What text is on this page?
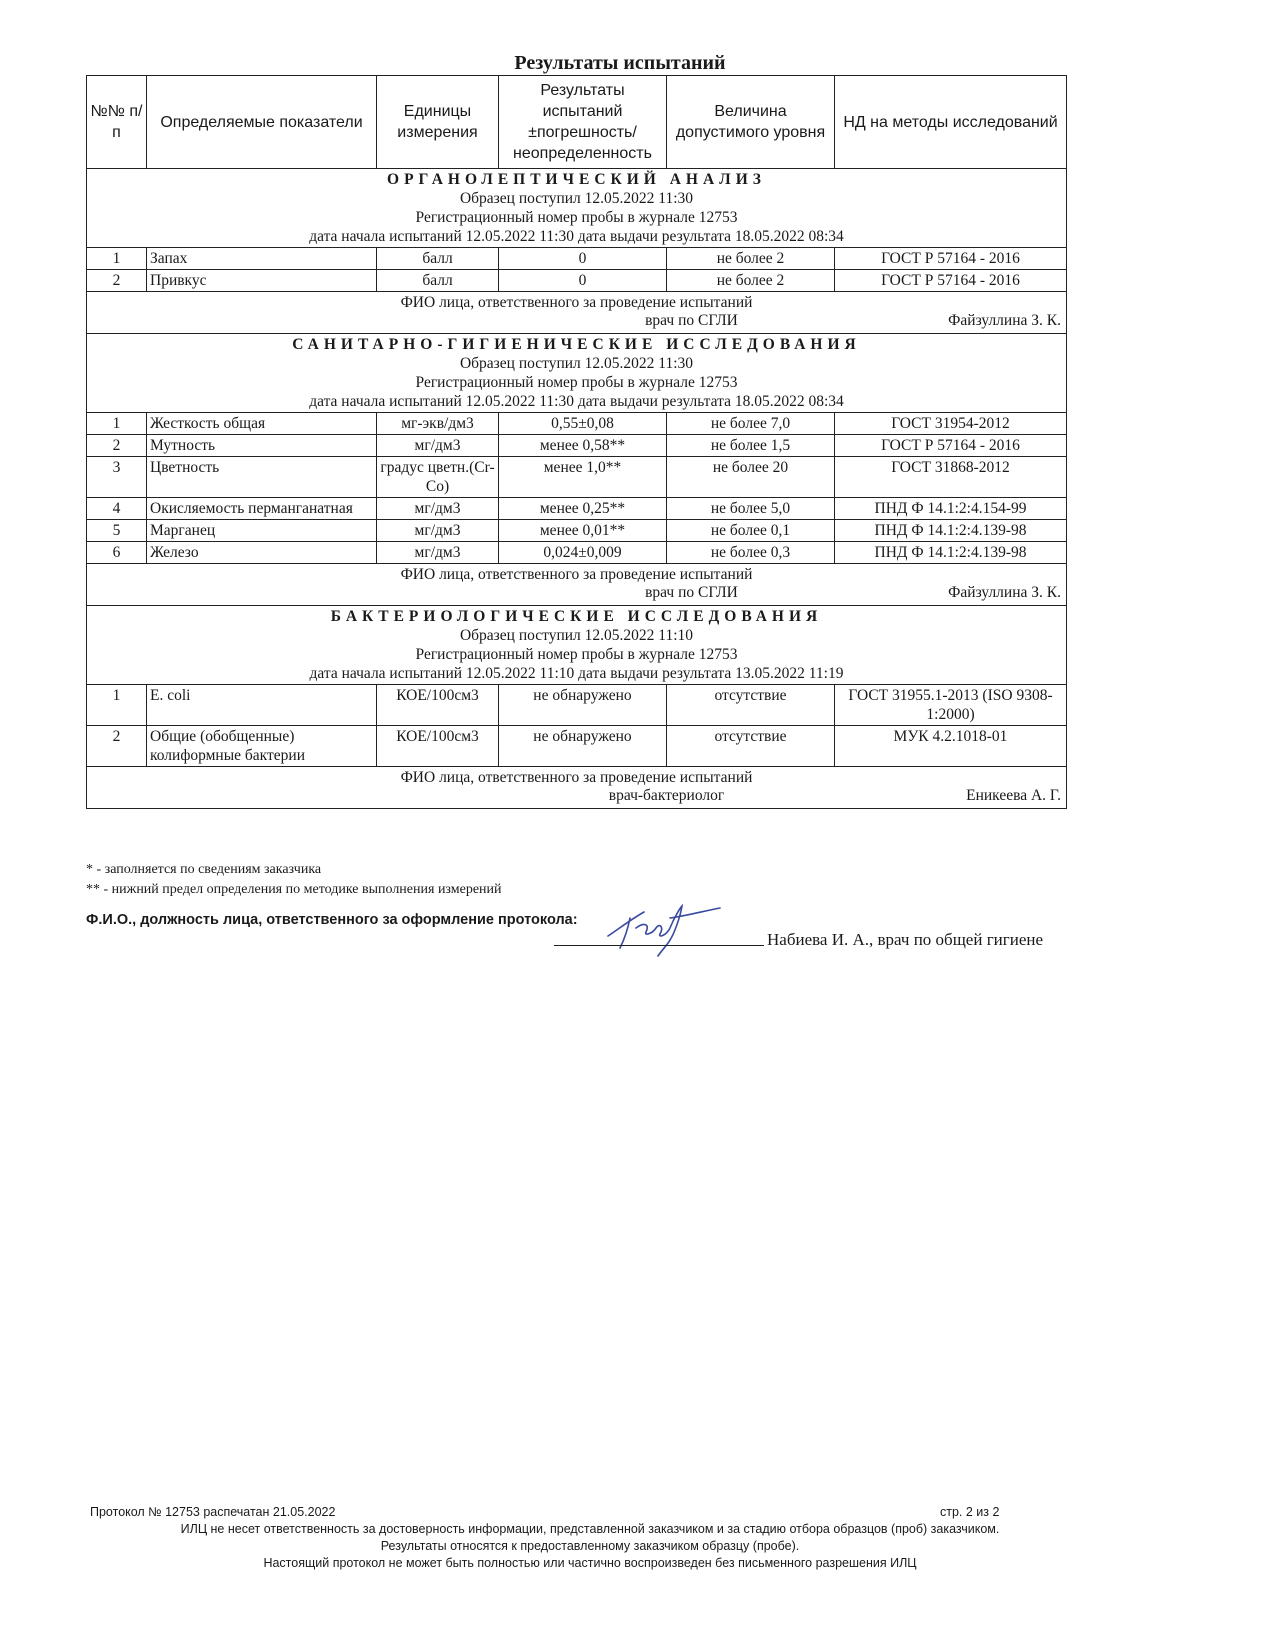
Результаты испытаний
№№ п/п	Определяемые показатели	Единицы измерения	Результаты испытаний ±погрешность/ неопределенность	Величина допустимого уровня	НД на методы исследований

ОРГАНОЛЕПТИЧЕСКИЙ АНАЛИЗ
Образец поступил 12.05.2022 11:30
Регистрационный номер пробы в журнале 12753
дата начала испытаний 12.05.2022 11:30 дата выдачи результата 18.05.2022 08:34					

1	Запах	балл	0	не более 2	ГОСТ Р 57164 - 2016
2	Привкус	балл	0	не более 2	ГОСТ Р 57164 - 2016

ФИО лица, ответственного за проведение испытаний
врач по СГЛИ Файзуллина З. К.					

САНИТАРНО-ГИГИЕНИЧЕСКИЕ ИССЛЕДОВАНИЯ
Образец поступил 12.05.2022 11:30
Регистрационный номер пробы в журнале 12753
дата начала испытаний 12.05.2022 11:30 дата выдачи результата 18.05.2022 08:34					

1	Жесткость общая	мг-экв/дм3	0,55±0,08	не более 7,0	ГОСТ 31954-2012
2	Мутность	мг/дм3	менее 0,58**	не более 1,5	ГОСТ Р 57164 - 2016
3	Цветность	градус цветн.(Cr-Co)	менее 1,0**	не более 20	ГОСТ 31868-2012
4	Окисляемость перманганатная	мг/дм3	менее 0,25**	не более 5,0	ПНД Ф 14.1:2:4.154-99
5	Марганец	мг/дм3	менее 0,01**	не более 0,1	ПНД Ф 14.1:2:4.139-98
6	Железо	мг/дм3	0,024±0,009	не более 0,3	ПНД Ф 14.1:2:4.139-98

ФИО лица, ответственного за проведение испытаний
врач по СГЛИ Файзуллина З. К.					

БАКТЕРИОЛОГИЧЕСКИЕ ИССЛЕДОВАНИЯ
Образец поступил 12.05.2022 11:10
Регистрационный номер пробы в журнале 12753
дата начала испытаний 12.05.2022 11:10 дата выдачи результата 13.05.2022 11:19					

1	E. coli	КОЕ/100см3	не обнаружено	отсутствие	ГОСТ 31955.1-2013 (ISO 9308-1:2000)
2	Общие (обобщенные) колиформные бактерии	КОЕ/100см3	не обнаружено	отсутствие	МУК 4.2.1018-01

ФИО лица, ответственного за проведение испытаний
врач-бактериолог Еникеева А. Г.					
* - заполняется по сведениям заказчика
** - нижний предел определения по методике выполнения измерений
Ф.И.О., должность лица, ответственного за оформление протокола:
Набиева И. А., врач по общей гигиене
Протокол № 12753 распечатан 21.05.2022	стр. 2 из 2
ИЛЦ не несет ответственность за достоверность информации, представленной заказчиком и за стадию отбора образцов (проб) заказчиком.
Результаты относятся к предоставленному заказчиком образцу (пробе).
Настоящий протокол не может быть полностью или частично воспроизведен без письменного разрешения ИЛЦ
